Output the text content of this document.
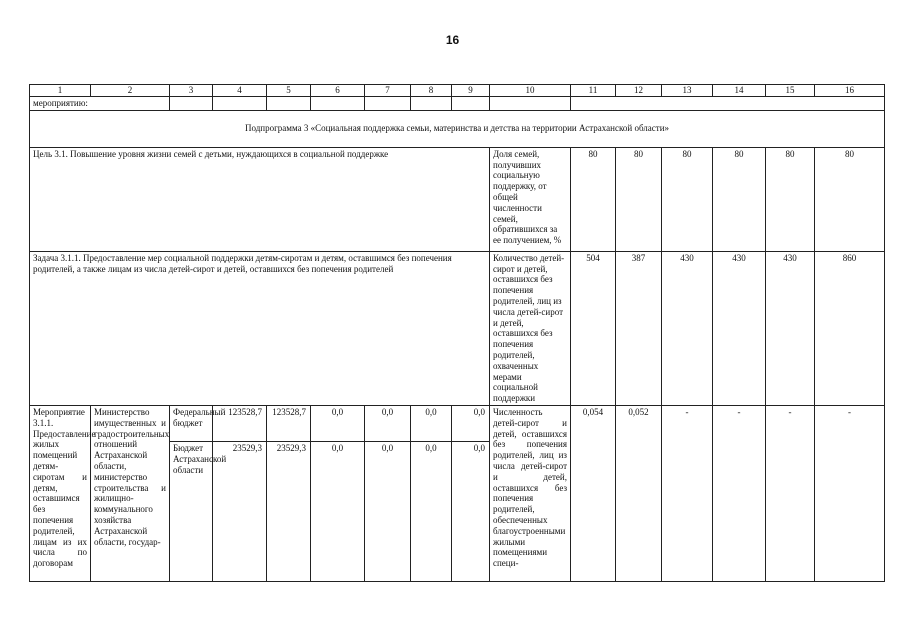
16
1	2	3	4	5	6	7	8	9	10	11	12	13	14	15	16
мероприятию:															
Подпрограмма 3 «Социальная поддержка семьи, материнства и детства на территории Астраханской области»															
Цель 3.1. Повышение уровня жизни семей с детьми, нуждающихся в социальной поддержке									Доля семей, получивших социальную поддержку, от общей численности семей, обратившихся за ее получением, %	80	80	80	80	80	80
Задача 3.1.1. Предоставление мер социальной поддержки детям-сиротам и детям, оставшимся без попечения родителей, а также лицам из числа детей-сирот и детей, оставшихся без попечения родителей									Количество детей-сирот и детей, оставшихся без попечения родителей, лиц из числа детей-сирот и детей, оставшихся без попечения родителей, охваченных мерами социальной поддержки	504	387	430	430	430	860
Мероприятие 3.1.1. Предоставление жилых помещений детям-сиротам и детям, оставшимся без попечения родителей, лицам из их числа по договорам	Министерство имущественных и градостроительных отношений Астраханской области, министерство строительства и жилищно-коммунального хозяйства Астраханской области, государ-	Федеральный бюджет	123528,7	123528,7	0,0	0,0	0,0	0,0	Численность детей-сирот и детей, оставшихся без попечения родителей, лиц из числа детей-сирот и детей, оставшихся без попечения родителей, обеспеченных благоустроенными жилыми помещениями специ-	0,054	0,052	-	-	-	-
		Бюджет Астраханской области	23529,3	23529,3	0,0	0,0	0,0	0,0							
